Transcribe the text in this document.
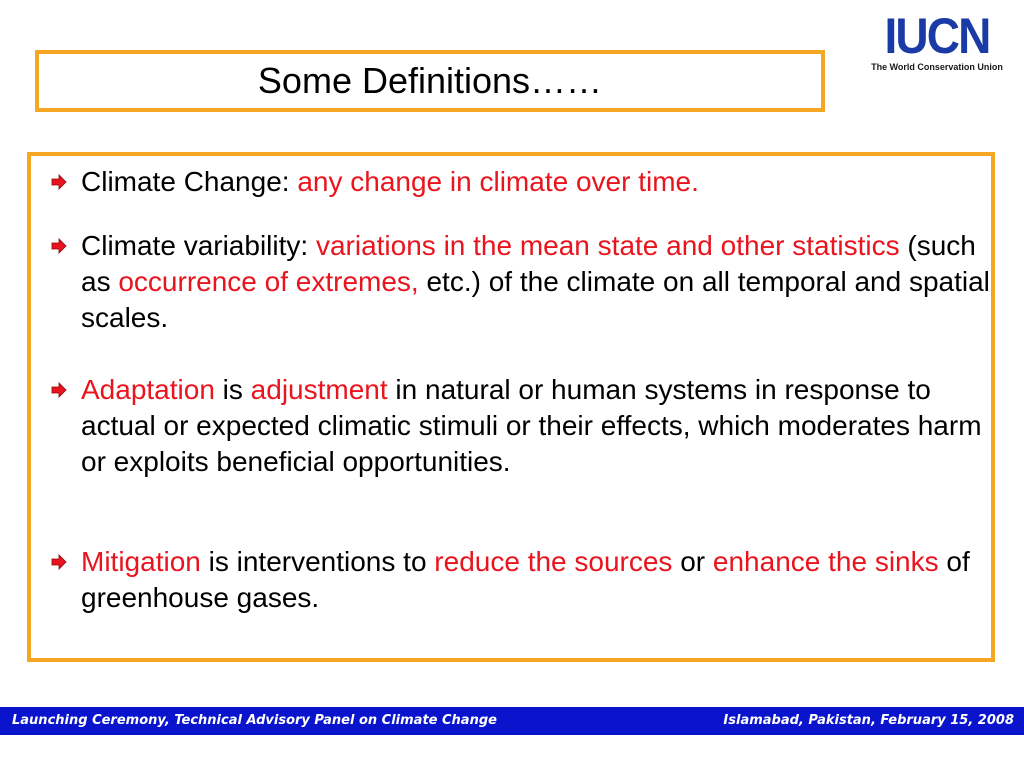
Some Definitions……
IUCN
The World Conservation Union
Climate Change: any change in climate over time.
Climate variability: variations in the mean state and other statistics (such as occurrence of extremes, etc.) of the climate on all temporal and spatial scales.
Adaptation is adjustment in natural or human systems in response to actual or expected climatic stimuli or their effects, which moderates harm or exploits beneficial opportunities.
Mitigation is interventions to reduce the sources or enhance the sinks of greenhouse gases.
Launching Ceremony, Technical Advisory Panel on Climate Change	Islamabad, Pakistan, February 15, 2008
